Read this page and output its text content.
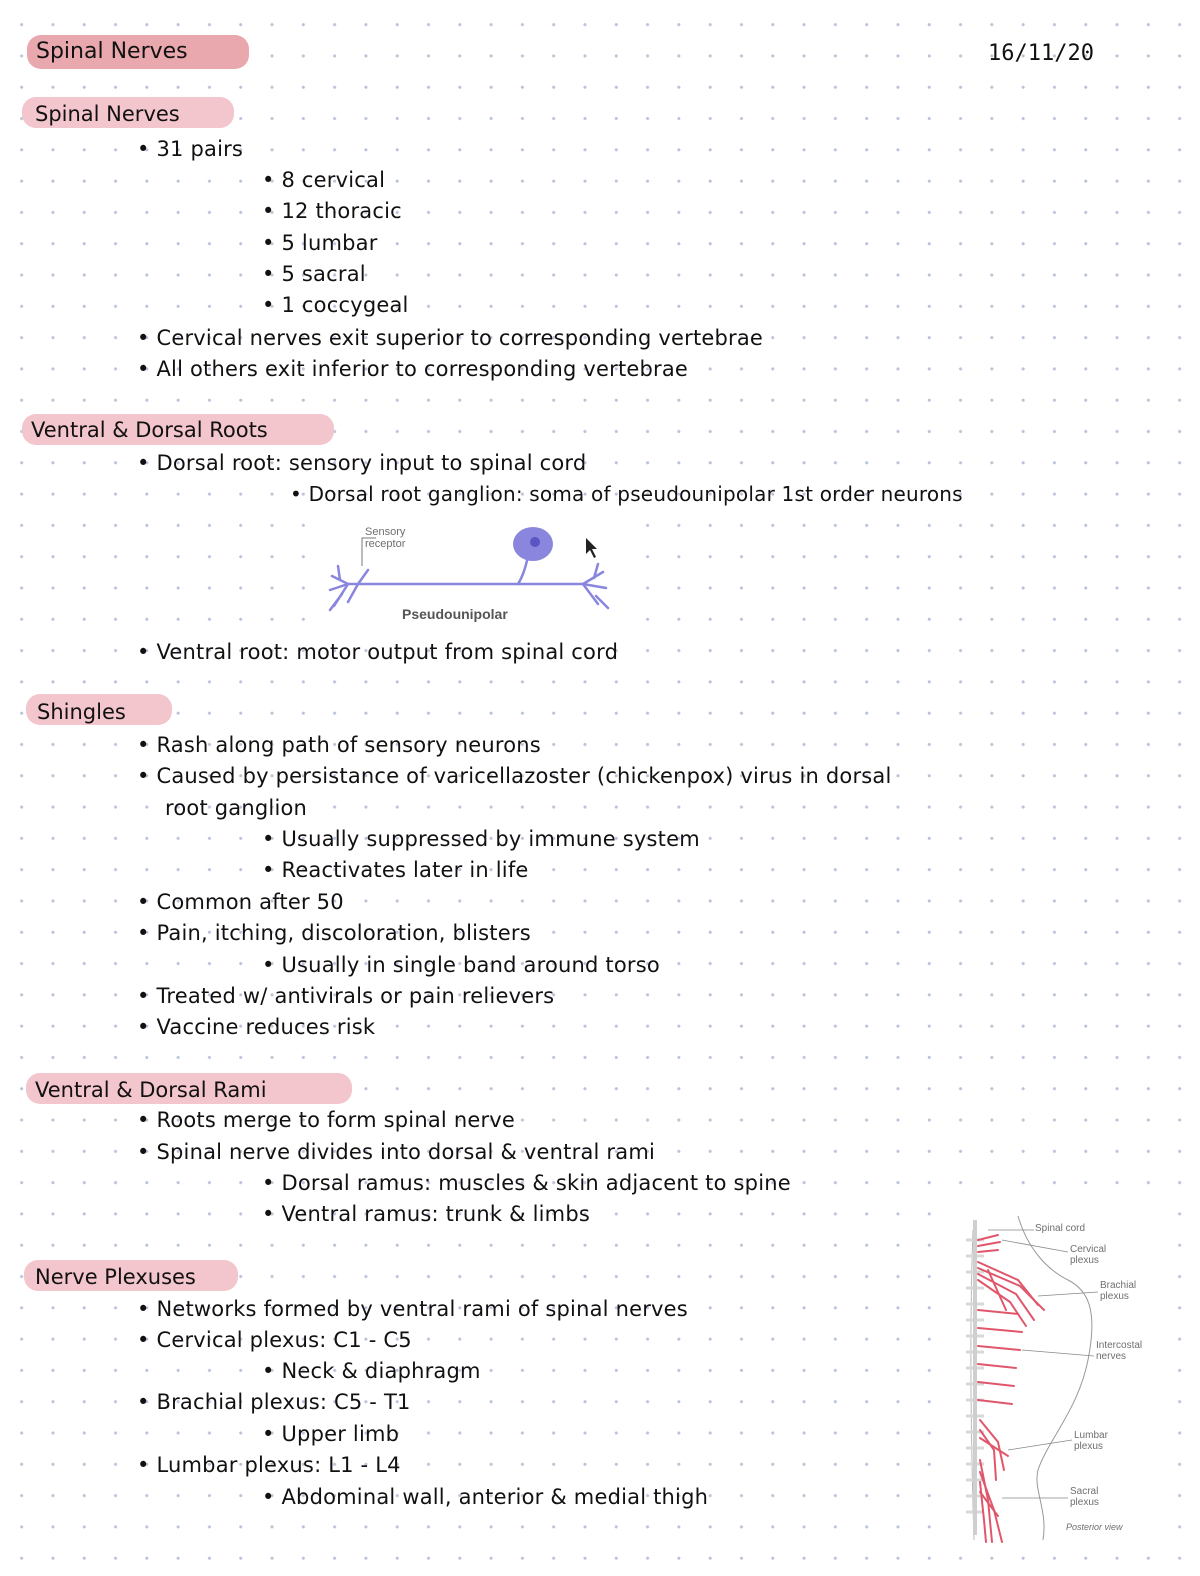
Spinal Nerves	16/11/20
Spinal Nerves
• 31 pairs
• 8 cervical
• 12 thoracic
• 5 lumbar
• 5 sacral
• 1 coccygeal
• Cervical nerves exit superior to corresponding vertebrae
• All others exit inferior to corresponding vertebrae
Ventral & Dorsal Roots
• Dorsal root: sensory input to spinal cord
• Dorsal root ganglion: soma of pseudounipolar 1st order neurons
Sensory
receptor
Pseudounipolar
• Ventral root: motor output from spinal cord
Shingles
• Rash along path of sensory neurons
• Caused by persistance of varicellazoster (chickenpox) virus in dorsal
root ganglion
• Usually suppressed by immune system
• Reactivates later in life
• Common after 50
• Pain, itching, discoloration, blisters
• Usually in single band around torso
• Treated w/ antivirals or pain relievers
• Vaccine reduces risk
Ventral & Dorsal Rami
• Roots merge to form spinal nerve
• Spinal nerve divides into dorsal & ventral rami
• Dorsal ramus: muscles & skin adjacent to spine
• Ventral ramus: trunk & limbs
Nerve Plexuses
• Networks formed by ventral rami of spinal nerves
• Cervical plexus: C1 - C5
• Neck & diaphragm
• Brachial plexus: C5 - T1
• Upper limb
• Lumbar plexus: L1 - L4
• Abdominal wall, anterior & medial thigh
Spinal cord
Cervical
plexus
Brachial
plexus
Intercostal
nerves
Lumbar
plexus
Sacral
plexus
Posterior view
